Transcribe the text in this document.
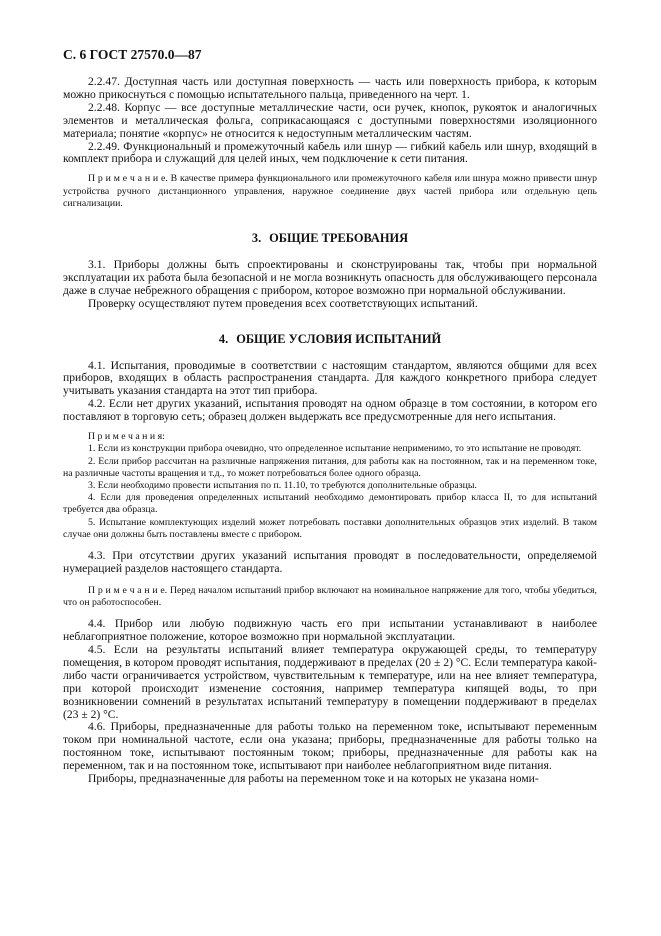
С. 6 ГОСТ 27570.0—87

2.2.47. Доступная часть или доступная поверхность — часть или поверхность прибора, к которым можно прикоснуться с помощью испытательного пальца, приведенного на черт. 1.

2.2.48. Корпус — все доступные металлические части, оси ручек, кнопок, рукояток и аналогичных элементов и металлическая фольга, соприкасающаяся с доступными поверхностями изоляционного материала; понятие «корпус» не относится к недоступным металлическим частям.

2.2.49. Функциональный и промежуточный кабель или шнур — гибкий кабель или шнур, входящий в комплект прибора и служащий для целей иных, чем подключение к сети питания.

П р и м е ч а н и е. В качестве примера функционального или промежуточного кабеля или шнура можно привести шнур устройства ручного дистанционного управления, наружное соединение двух частей прибора или отдельную цепь сигнализации.

3. ОБЩИЕ ТРЕБОВАНИЯ

3.1. Приборы должны быть спроектированы и сконструированы так, чтобы при нормальной эксплуатации их работа была безопасной и не могла возникнуть опасность для обслуживающего персонала даже в случае небрежного обращения с прибором, которое возможно при нормальной обслуживании.

Проверку осуществляют путем проведения всех соответствующих испытаний.

4. ОБЩИЕ УСЛОВИЯ ИСПЫТАНИЙ

4.1. Испытания, проводимые в соответствии с настоящим стандартом, являются общими для всех приборов, входящих в область распространения стандарта. Для каждого конкретного прибора следует учитывать указания стандарта на этот тип прибора.

4.2. Если нет других указаний, испытания проводят на одном образце в том состоянии, в котором его поставляют в торговую сеть; образец должен выдержать все предусмотренные для него испытания.

П р и м е ч а н и я:

1. Если из конструкции прибора очевидно, что определенное испытание неприменимо, то это испытание не проводят.

2. Если прибор рассчитан на различные напряжения питания, для работы как на постоянном, так и на переменном токе, на различные частоты вращения и т.д., то может потребоваться более одного образца.

3. Если необходимо провести испытания по п. 11.10, то требуются дополнительные образцы.

4. Если для проведения определенных испытаний необходимо демонтировать прибор класса II, то для испытаний требуется два образца.

5. Испытание комплектующих изделий может потребовать поставки дополнительных образцов этих изделий. В таком случае они должны быть поставлены вместе с прибором.

4.3. При отсутствии других указаний испытания проводят в последовательности, определяемой нумерацией разделов настоящего стандарта.

П р и м е ч а н и е. Перед началом испытаний прибор включают на номинальное напряжение для того, чтобы убедиться, что он работоспособен.

4.4. Прибор или любую подвижную часть его при испытании устанавливают в наиболее неблагоприятное положение, которое возможно при нормальной эксплуатации.

4.5. Если на результаты испытаний влияет температура окружающей среды, то температуру помещения, в котором проводят испытания, поддерживают в пределах (20 ± 2) °С. Если температура какой-либо части ограничивается устройством, чувствительным к температуре, или на нее влияет температура, при которой происходит изменение состояния, например температура кипящей воды, то при возникновении сомнений в результатах испытаний температуру в помещении поддерживают в пределах (23 ± 2) °С.

4.6. Приборы, предназначенные для работы только на переменном токе, испытывают переменным током при номинальной частоте, если она указана; приборы, предназначенные для работы только на постоянном токе, испытывают постоянным током; приборы, предназначенные для работы как на переменном, так и на постоянном токе, испытывают при наиболее неблагоприятном виде питания.

Приборы, предназначенные для работы на переменном токе и на которых не указана номи-
